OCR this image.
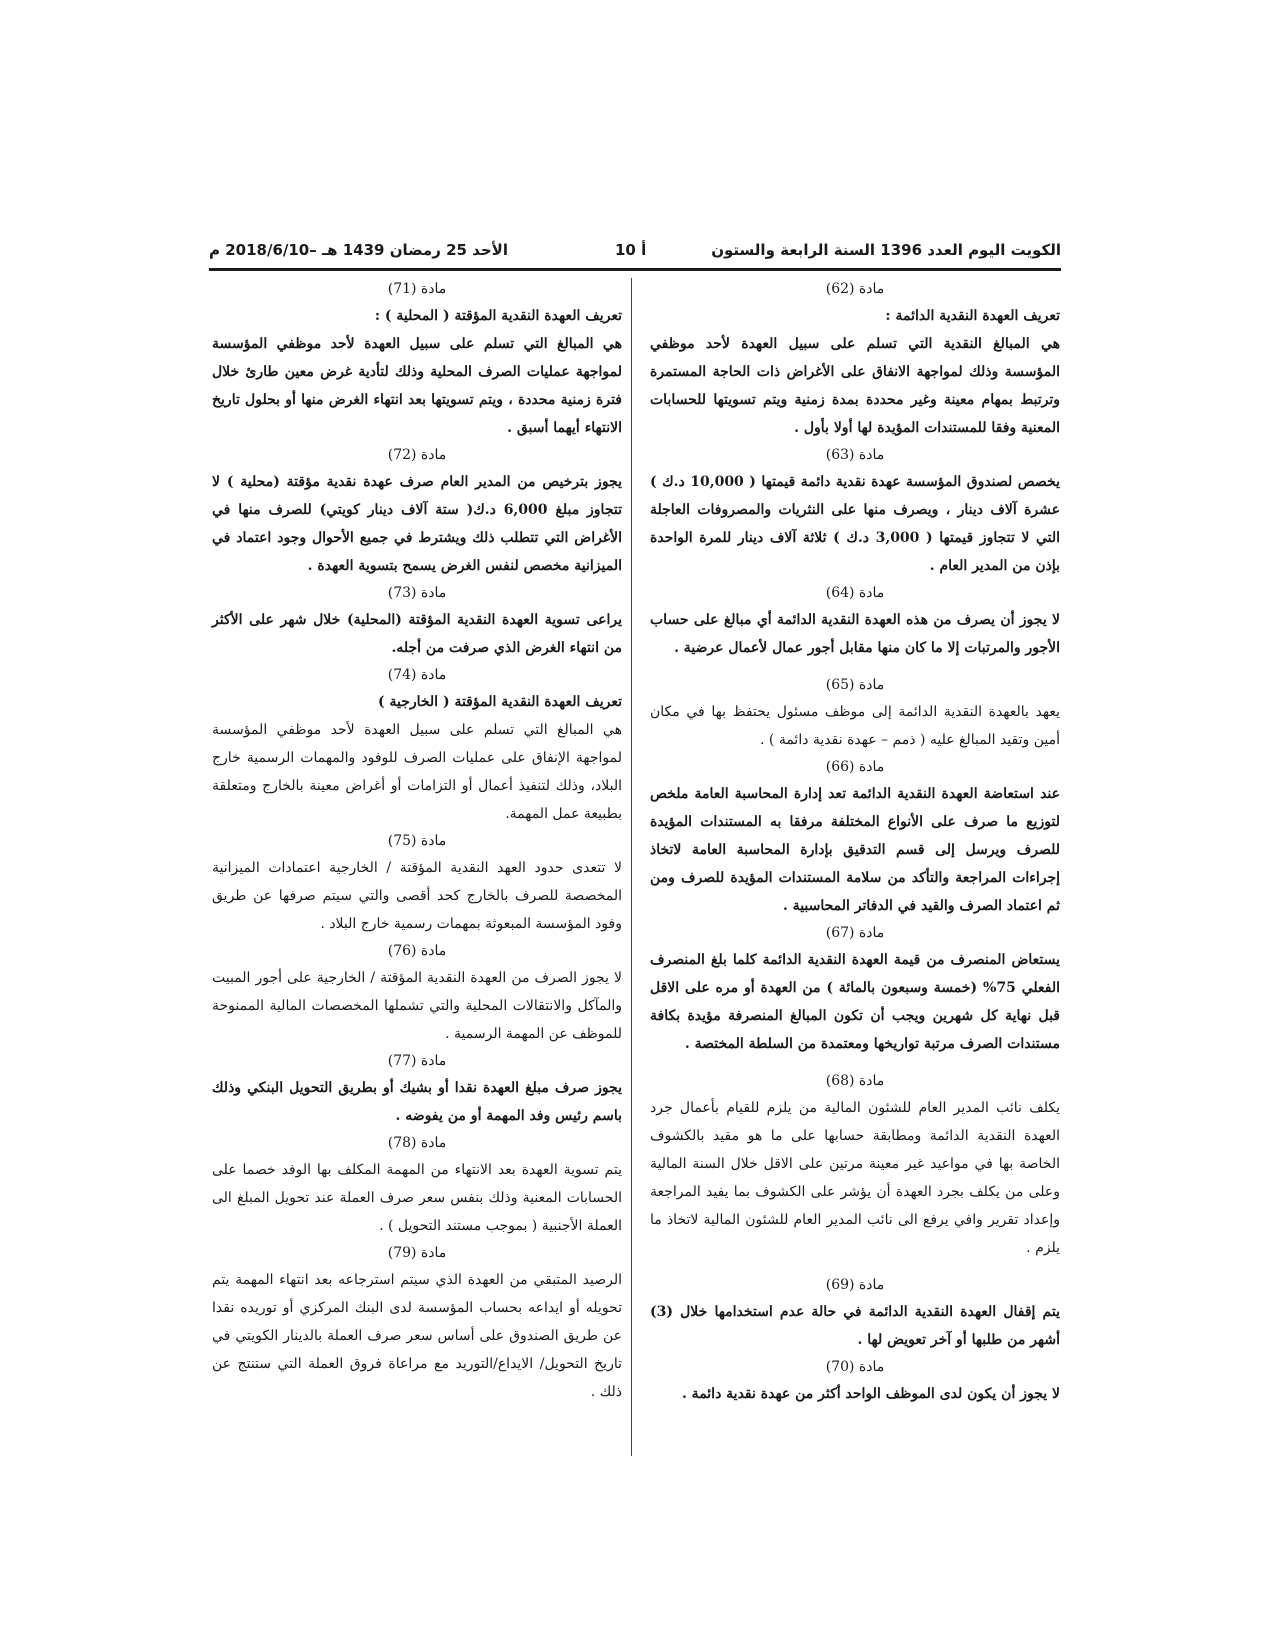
الكويت اليوم العدد 1396 السنة الرابعة والستون
أ 10
الأحد 25 رمضان 1439 هـ –2018/6/10 م
مادة (62)
تعريف العهدة النقدية الدائمة :

هي المبالغ النقدية التي تسلم على سبيل العهدة لأحد موظفي المؤسسة وذلك لمواجهة الانفاق على الأغراض ذات الحاجة المستمرة وترتبط بمهام معينة وغير محددة بمدة زمنية ويتم تسويتها للحسابات المعنية وفقا للمستندات المؤيدة لها أولا بأول .

مادة (63)

يخصص لصندوق المؤسسة عهدة نقدية دائمة قيمتها ( 10,000 د.ك ) عشرة آلاف دينار ، ويصرف منها على النثريات والمصروفات العاجلة التي لا تتجاوز قيمتها ( 3,000 د.ك ) ثلاثة آلاف دينار للمرة الواحدة بإذن من المدير العام .

مادة (64)

لا يجوز أن يصرف من هذه العهدة النقدية الدائمة أي مبالغ على حساب الأجور والمرتبات إلا ما كان منها مقابل أجور عمال لأعمال عرضية .

مادة (65)

يعهد بالعهدة النقدية الدائمة إلى موظف مسئول يحتفظ بها في مكان أمين وتقيد المبالغ عليه ( ذمم – عهدة نقدية دائمة ) .

مادة (66)

عند استعاضة العهدة النقدية الدائمة تعد إدارة المحاسبة العامة ملخص لتوزيع ما صرف على الأنواع المختلفة مرفقا به المستندات المؤيدة للصرف ويرسل إلى قسم التدقيق بإدارة المحاسبة العامة لاتخاذ إجراءات المراجعة والتأكد من سلامة المستندات المؤيدة للصرف ومن ثم اعتماد الصرف والقيد في الدفاتر المحاسبية .

مادة (67)

يستعاض المنصرف من قيمة العهدة النقدية الدائمة كلما بلغ المنصرف الفعلي 75% (خمسة وسبعون بالمائة ) من العهدة أو مره على الاقل قبل نهاية كل شهرين ويجب أن تكون المبالغ المنصرفة مؤيدة بكافة مستندات الصرف مرتبة تواريخها ومعتمدة من السلطة المختصة .

مادة (68)

يكلف نائب المدير العام للشئون المالية من يلزم للقيام بأعمال جرد العهدة النقدية الدائمة ومطابقة حسابها على ما هو مقيد بالكشوف الخاصة بها في مواعيد غير معينة مرتين على الاقل خلال السنة المالية وعلى من يكلف بجرد العهدة أن يؤشر على الكشوف بما يفيد المراجعة وإعداد تقرير وافي يرفع الى نائب المدير العام للشئون المالية لاتخاذ ما يلزم .

مادة (69)

يتم إقفال العهدة النقدية الدائمة في حالة عدم استخدامها خلال (3) أشهر من طلبها أو آخر تعويض لها .

مادة (70)

لا يجوز أن يكون لدى الموظف الواحد أكثر من عهدة نقدية دائمة .

مادة (71)
تعريف العهدة النقدية المؤقتة ( المحلية ) :

هي المبالغ التي تسلم على سبيل العهدة لأحد موظفي المؤسسة لمواجهة عمليات الصرف المحلية وذلك لتأدية غرض معين طارئ خلال فترة زمنية محددة ، ويتم تسويتها بعد انتهاء الغرض منها أو بحلول تاريخ الانتهاء أيهما أسبق .

مادة (72)

يجوز بترخيص من المدير العام صرف عهدة نقدية مؤقتة (محلية ) لا تتجاوز مبلغ 6,000 د.ك( ستة آلاف دينار كويتي) للصرف منها في الأغراض التي تتطلب ذلك ويشترط في جميع الأحوال وجود اعتماد في الميزانية مخصص لنفس الغرض يسمح بتسوية العهدة .

مادة (73)

يراعى تسوية العهدة النقدية المؤقتة (المحلية) خلال شهر على الأكثر من انتهاء الغرض الذي صرفت من أجله.

مادة (74)
تعريف العهدة النقدية المؤقتة ( الخارجية )

هي المبالغ التي تسلم على سبيل العهدة لأحد موظفي المؤسسة لمواجهة الإنفاق على عمليات الصرف للوفود والمهمات الرسمية خارج البلاد، وذلك لتنفيذ أعمال أو التزامات أو أغراض معينة بالخارج ومتعلقة بطبيعة عمل المهمة.

مادة (75)

لا تتعدى حدود العهد النقدية المؤقتة / الخارجية اعتمادات الميزانية المخصصة للصرف بالخارج كحد أقصى والتي سيتم صرفها عن طريق وفود المؤسسة المبعوثة بمهمات رسمية خارج البلاد .

مادة (76)

لا يجوز الصرف من العهدة النقدية المؤقتة / الخارجية على أجور المبيت والمآكل والانتقالات المحلية والتي تشملها المخصصات المالية الممنوحة للموظف عن المهمة الرسمية .

مادة (77)

يجوز صرف مبلغ العهدة نقدا أو بشيك أو بطريق التحويل البنكي وذلك باسم رئيس وفد المهمة أو من يفوضه .

مادة (78)

يتم تسوية العهدة بعد الانتهاء من المهمة المكلف بها الوفد خصما على الحسابات المعنية وذلك بنفس سعر صرف العملة عند تحويل المبلغ الى العملة الأجنبية ( بموجب مستند التحويل ) .

مادة (79)

الرصيد المتبقي من العهدة الذي سيتم استرجاعه بعد انتهاء المهمة يتم تحويله أو ايداعه بحساب المؤسسة لدى البنك المركزي أو توريده نقدا عن طريق الصندوق على أساس سعر صرف العملة بالدينار الكويتي في تاريخ التحويل/ الايداع/التوريد مع مراعاة فروق العملة التي ستنتج عن ذلك .
